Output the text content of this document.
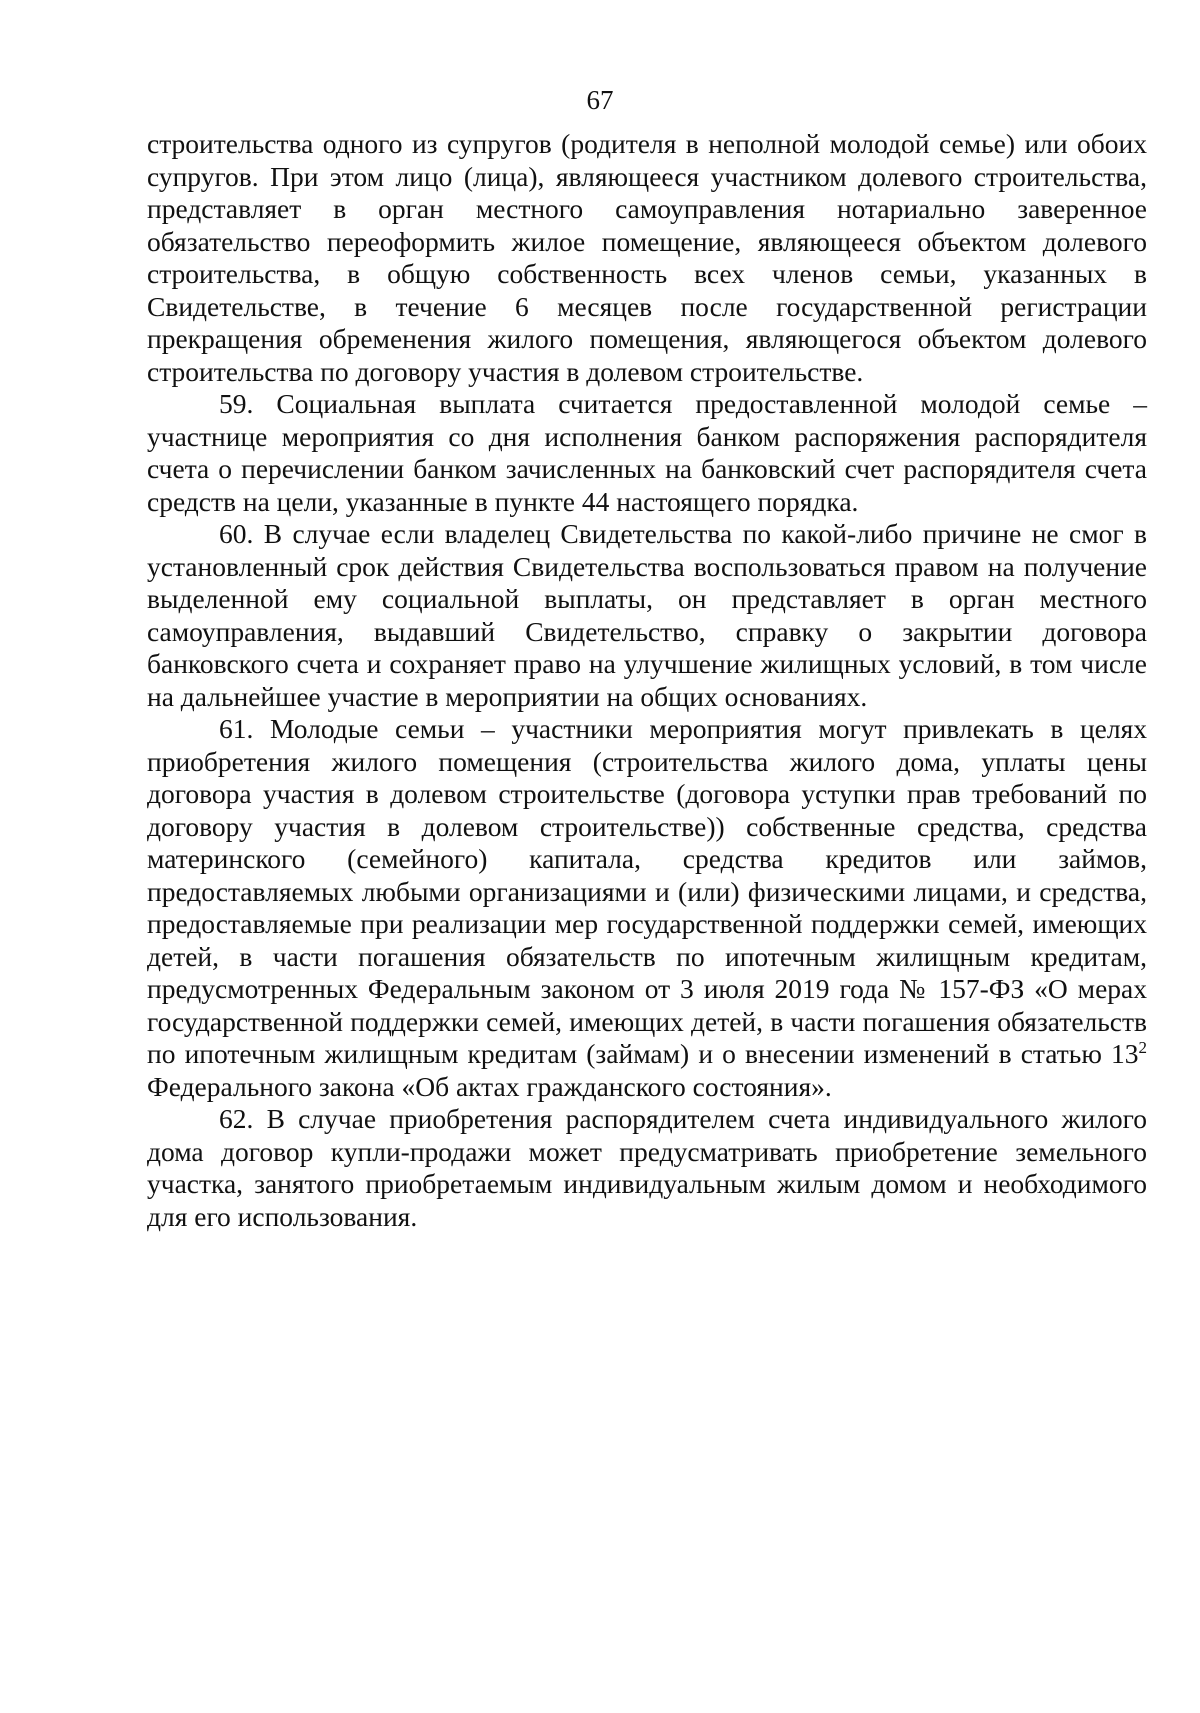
67

строительства одного из супругов (родителя в неполной молодой семье) или обоих супругов. При этом лицо (лица), являющееся участником долевого строительства, представляет в орган местного самоуправления нотариально заверенное обязательство переоформить жилое помещение, являющееся объектом долевого строительства, в общую собственность всех членов семьи, указанных в Свидетельстве, в течение 6 месяцев после государственной регистрации прекращения обременения жилого помещения, являющегося объектом долевого строительства по договору участия в долевом строительстве.

59. Социальная выплата считается предоставленной молодой семье – участнице мероприятия со дня исполнения банком распоряжения распорядителя счета о перечислении банком зачисленных на банковский счет распорядителя счета средств на цели, указанные в пункте 44 настоящего порядка.

60. В случае если владелец Свидетельства по какой-либо причине не смог в установленный срок действия Свидетельства воспользоваться правом на получение выделенной ему социальной выплаты, он представляет в орган местного самоуправления, выдавший Свидетельство, справку о закрытии договора банковского счета и сохраняет право на улучшение жилищных условий, в том числе на дальнейшее участие в мероприятии на общих основаниях.

61. Молодые семьи – участники мероприятия могут привлекать в целях приобретения жилого помещения (строительства жилого дома, уплаты цены договора участия в долевом строительстве (договора уступки прав требований по договору участия в долевом строительстве)) собственные средства, средства материнского (семейного) капитала, средства кредитов или займов, предоставляемых любыми организациями и (или) физическими лицами, и средства, предоставляемые при реализации мер государственной поддержки семей, имеющих детей, в части погашения обязательств по ипотечным жилищным кредитам, предусмотренных Федеральным законом от 3 июля 2019 года № 157-ФЗ «О мерах государственной поддержки семей, имеющих детей, в части погашения обязательств по ипотечным жилищным кредитам (займам) и о внесении изменений в статью $13^2$ Федерального закона «Об актах гражданского состояния».

62. В случае приобретения распорядителем счета индивидуального жилого дома договор купли-продажи может предусматривать приобретение земельного участка, занятого приобретаемым индивидуальным жилым домом и необходимого для его использования.
